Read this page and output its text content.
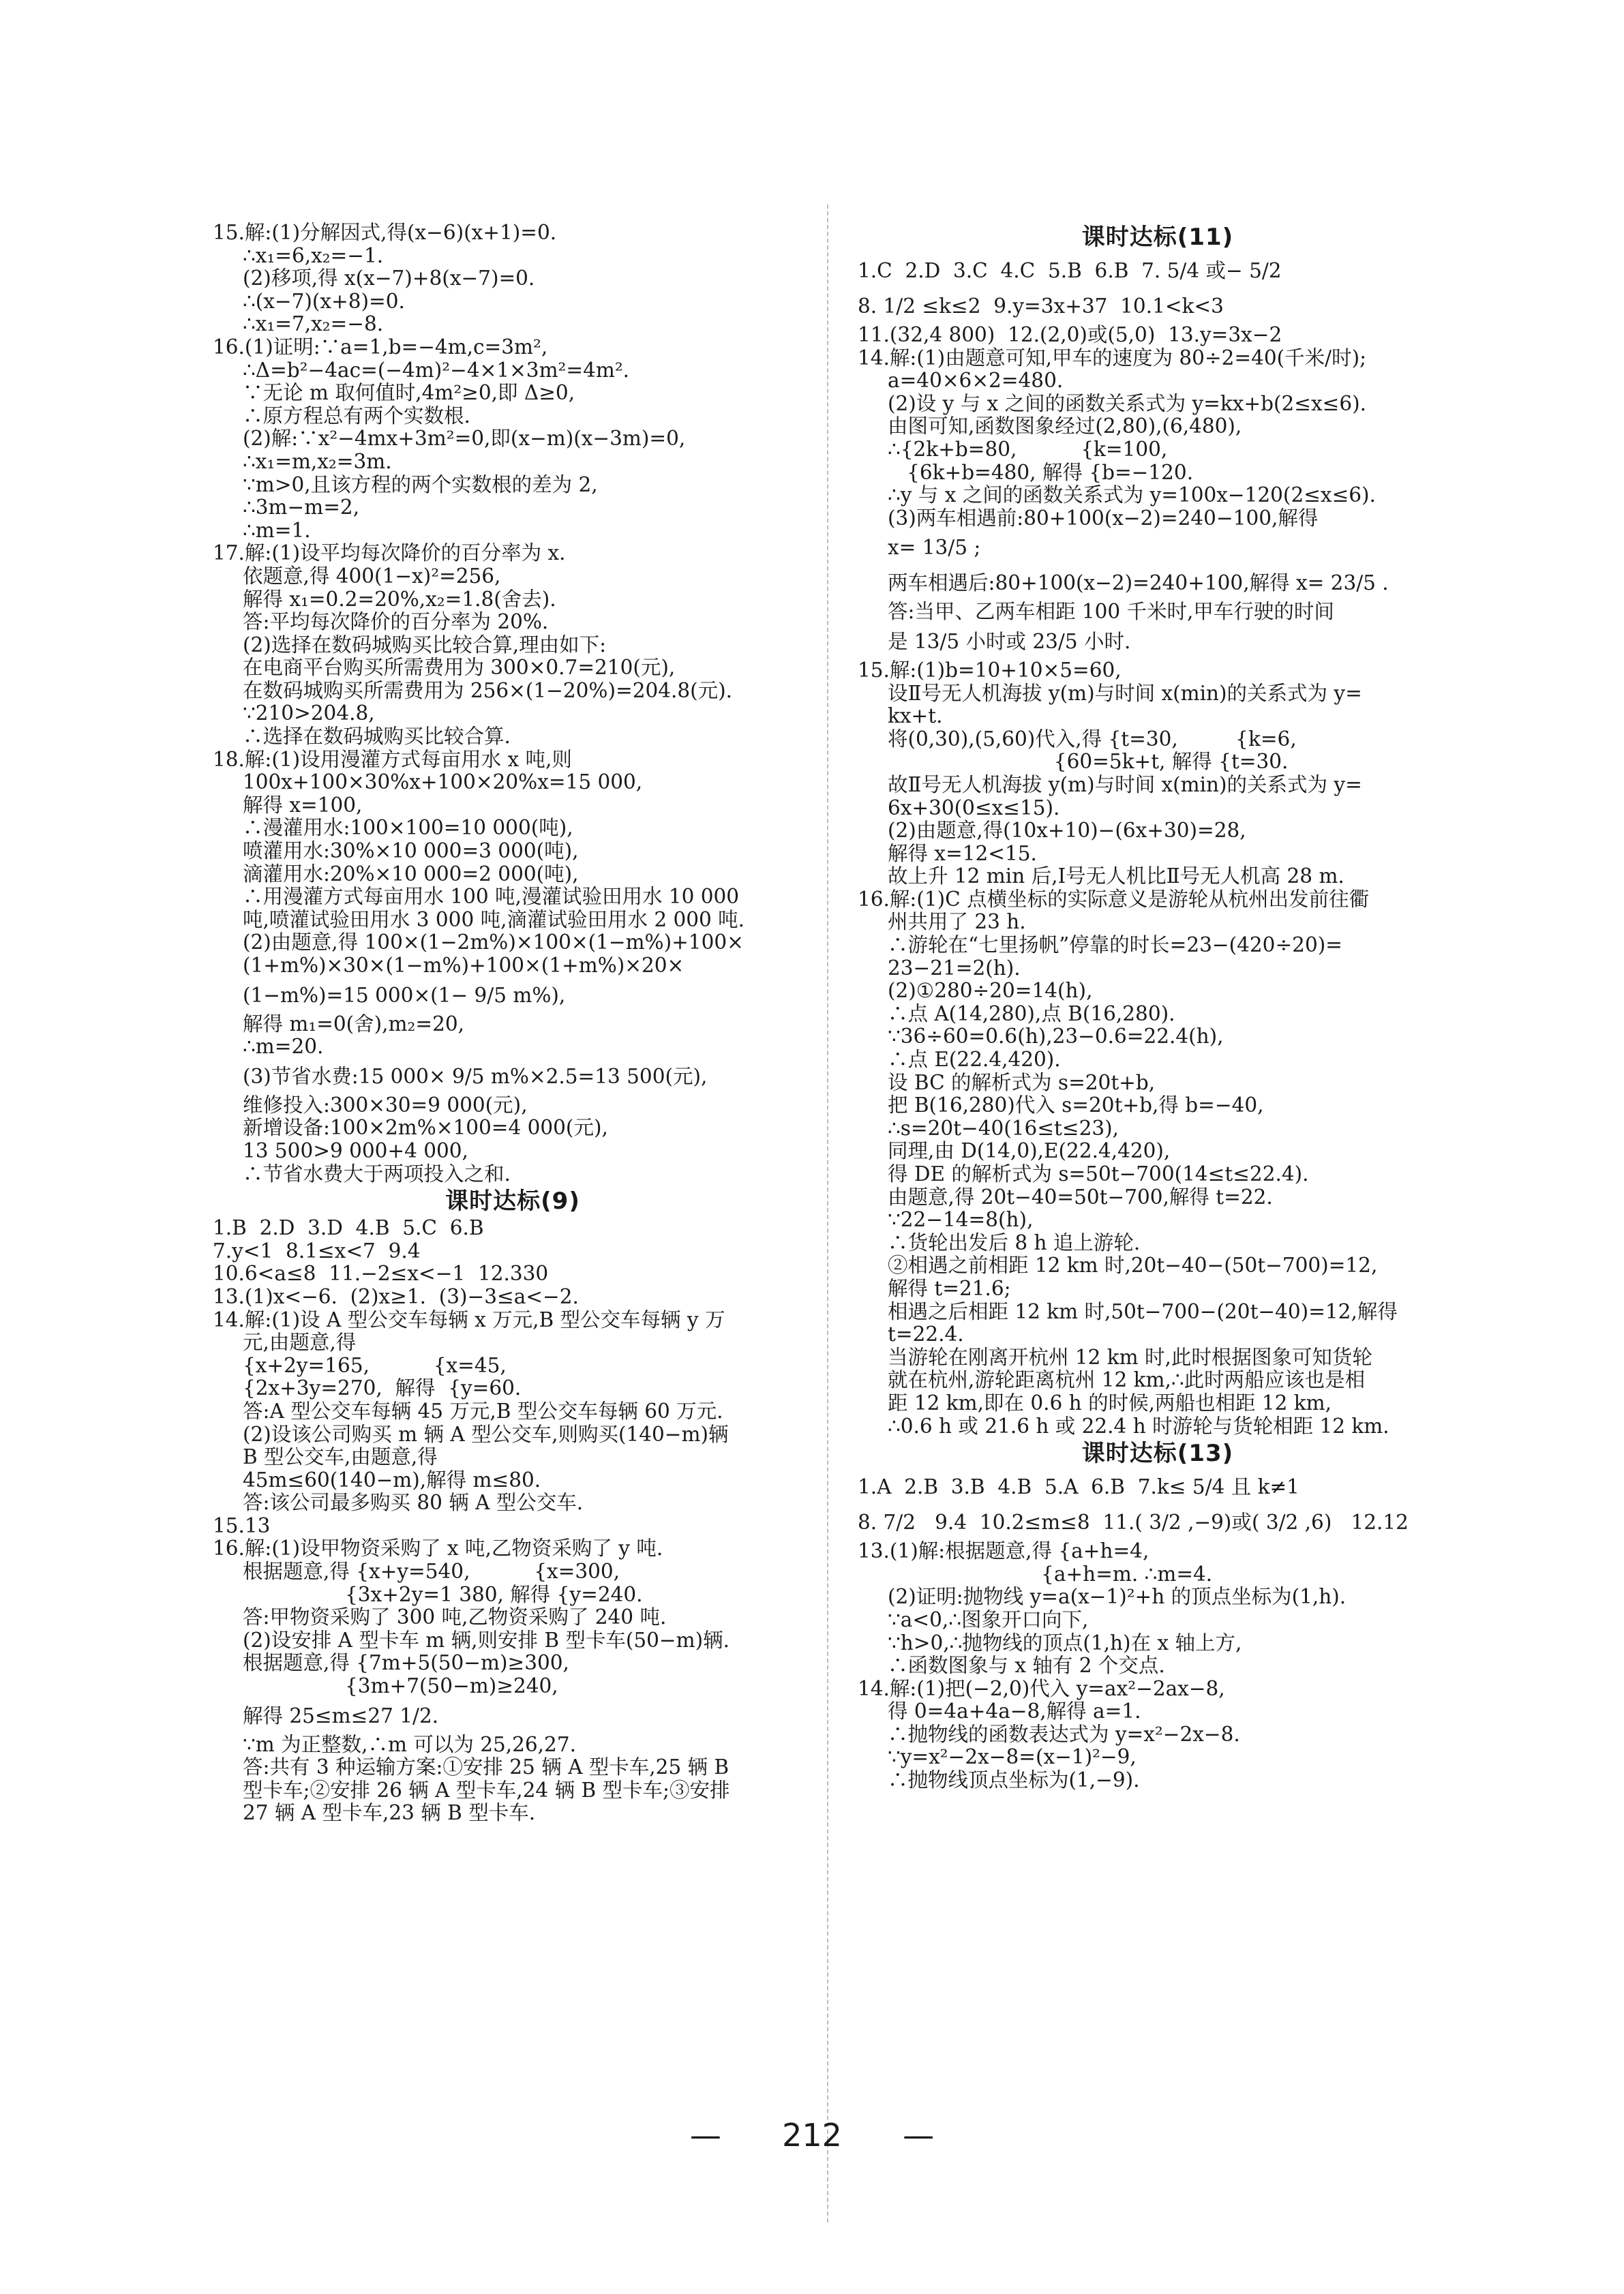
15.解:(1)分解因式,得(x−6)(x+1)=0.
∴x₁=6,x₂=−1.
(2)移项,得 x(x−7)+8(x−7)=0.
∴(x−7)(x+8)=0.
∴x₁=7,x₂=−8.
16.(1)证明:∵a=1,b=−4m,c=3m²,
∴Δ=b²−4ac=(−4m)²−4×1×3m²=4m².
∵无论 m 取何值时,4m²≥0,即 Δ≥0,
∴原方程总有两个实数根.
(2)解:∵x²−4mx+3m²=0,即(x−m)(x−3m)=0,
∴x₁=m,x₂=3m.
∵m>0,且该方程的两个实数根的差为 2,
∴3m−m=2,
∴m=1.
17.解:(1)设平均每次降价的百分率为 x.
依题意,得 400(1−x)²=256,
解得 x₁=0.2=20%,x₂=1.8(舍去).
答:平均每次降价的百分率为 20%.
(2)选择在数码城购买比较合算,理由如下:
在电商平台购买所需费用为 300×0.7=210(元),
在数码城购买所需费用为 256×(1−20%)=204.8(元).
∵210>204.8,
∴选择在数码城购买比较合算.
18.解:(1)设用漫灌方式每亩用水 x 吨,则
100x+100×30%x+100×20%x=15 000,
解得 x=100,
∴漫灌用水:100×100=10 000(吨),
喷灌用水:30%×10 000=3 000(吨),
滴灌用水:20%×10 000=2 000(吨),
∴用漫灌方式每亩用水 100 吨,漫灌试验田用水 10 000
吨,喷灌试验田用水 3 000 吨,滴灌试验田用水 2 000 吨.
(2)由题意,得 100×(1−2m%)×100×(1−m%)+100×
(1+m%)×30×(1−m%)+100×(1+m%)×20×
(1−m%)=15 000×(1− 9/5 m%),
解得 m₁=0(舍),m₂=20,
∴m=20.
(3)节省水费:15 000× 9/5 m%×2.5=13 500(元),
维修投入:300×30=9 000(元),
新增设备:100×2m%×100=4 000(元),
13 500>9 000+4 000,
∴节省水费大于两项投入之和.
课时达标(9)
1.B  2.D  3.D  4.B  5.C  6.B
7.y<1  8.1≤x<7  9.4
10.6<a≤8  11.−2≤x<−1  12.330
13.(1)x<−6.  (2)x≥1.  (3)−3≤a<−2.
14.解:(1)设 A 型公交车每辆 x 万元,B 型公交车每辆 y 万
元,由题意,得
{x+2y=165,          {x=45,
{2x+3y=270,  解得  {y=60.
答:A 型公交车每辆 45 万元,B 型公交车每辆 60 万元.
(2)设该公司购买 m 辆 A 型公交车,则购买(140−m)辆
B 型公交车,由题意,得
45m≤60(140−m),解得 m≤80.
答:该公司最多购买 80 辆 A 型公交车.
15.13
16.解:(1)设甲物资采购了 x 吨,乙物资采购了 y 吨.
根据题意,得 {x+y=540,          {x=300,
{3x+2y=1 380, 解得 {y=240.
答:甲物资采购了 300 吨,乙物资采购了 240 吨.
(2)设安排 A 型卡车 m 辆,则安排 B 型卡车(50−m)辆.
根据题意,得 {7m+5(50−m)≥300,
{3m+7(50−m)≥240,
解得 25≤m≤27 1/2.
∵m 为正整数,∴m 可以为 25,26,27.
答:共有 3 种运输方案:①安排 25 辆 A 型卡车,25 辆 B
型卡车;②安排 26 辆 A 型卡车,24 辆 B 型卡车;③安排
27 辆 A 型卡车,23 辆 B 型卡车.
课时达标(11)
1.C  2.D  3.C  4.C  5.B  6.B  7. 5/4 或− 5/2
8. 1/2 ≤k≤2  9.y=3x+37  10.1<k<3
11.(32,4 800)  12.(2,0)或(5,0)  13.y=3x−2
14.解:(1)由题意可知,甲车的速度为 80÷2=40(千米/时);
a=40×6×2=480.
(2)设 y 与 x 之间的函数关系式为 y=kx+b(2≤x≤6).
由图可知,函数图象经过(2,80),(6,480),
∴{2k+b=80,          {k=100,
{6k+b=480, 解得 {b=−120.
∴y 与 x 之间的函数关系式为 y=100x−120(2≤x≤6).
(3)两车相遇前:80+100(x−2)=240−100,解得
x= 13/5 ;
两车相遇后:80+100(x−2)=240+100,解得 x= 23/5 .
答:当甲、乙两车相距 100 千米时,甲车行驶的时间
是 13/5 小时或 23/5 小时.
15.解:(1)b=10+10×5=60,
设Ⅱ号无人机海拔 y(m)与时间 x(min)的关系式为 y=
kx+t.
将(0,30),(5,60)代入,得 {t=30,         {k=6,
{60=5k+t, 解得 {t=30.
故Ⅱ号无人机海拔 y(m)与时间 x(min)的关系式为 y=
6x+30(0≤x≤15).
(2)由题意,得(10x+10)−(6x+30)=28,
解得 x=12<15.
故上升 12 min 后,Ⅰ号无人机比Ⅱ号无人机高 28 m.
16.解:(1)C 点横坐标的实际意义是游轮从杭州出发前往衢
州共用了 23 h.
∴游轮在“七里扬帆”停靠的时长=23−(420÷20)=
23−21=2(h).
(2)①280÷20=14(h),
∴点 A(14,280),点 B(16,280).
∵36÷60=0.6(h),23−0.6=22.4(h),
∴点 E(22.4,420).
设 BC 的解析式为 s=20t+b,
把 B(16,280)代入 s=20t+b,得 b=−40,
∴s=20t−40(16≤t≤23),
同理,由 D(14,0),E(22.4,420),
得 DE 的解析式为 s=50t−700(14≤t≤22.4).
由题意,得 20t−40=50t−700,解得 t=22.
∵22−14=8(h),
∴货轮出发后 8 h 追上游轮.
②相遇之前相距 12 km 时,20t−40−(50t−700)=12,
解得 t=21.6;
相遇之后相距 12 km 时,50t−700−(20t−40)=12,解得
t=22.4.
当游轮在刚离开杭州 12 km 时,此时根据图象可知货轮
就在杭州,游轮距离杭州 12 km,∴此时两船应该也是相
距 12 km,即在 0.6 h 的时候,两船也相距 12 km,
∴0.6 h 或 21.6 h 或 22.4 h 时游轮与货轮相距 12 km.
课时达标(13)
1.A  2.B  3.B  4.B  5.A  6.B  7.k≤ 5/4 且 k≠1
8. 7/2   9.4  10.2≤m≤8  11.( 3/2 ,−9)或( 3/2 ,6)   12.12
13.(1)解:根据题意,得 {a+h=4,
{a+h=m. ∴m=4.
(2)证明:抛物线 y=a(x−1)²+h 的顶点坐标为(1,h).
∵a<0,∴图象开口向下,
∵h>0,∴抛物线的顶点(1,h)在 x 轴上方,
∴函数图象与 x 轴有 2 个交点.
14.解:(1)把(−2,0)代入 y=ax²−2ax−8,
得 0=4a+4a−8,解得 a=1.
∴抛物线的函数表达式为 y=x²−2x−8.
∵y=x²−2x−8=(x−1)²−9,
∴抛物线顶点坐标为(1,−9).
— 212 —
